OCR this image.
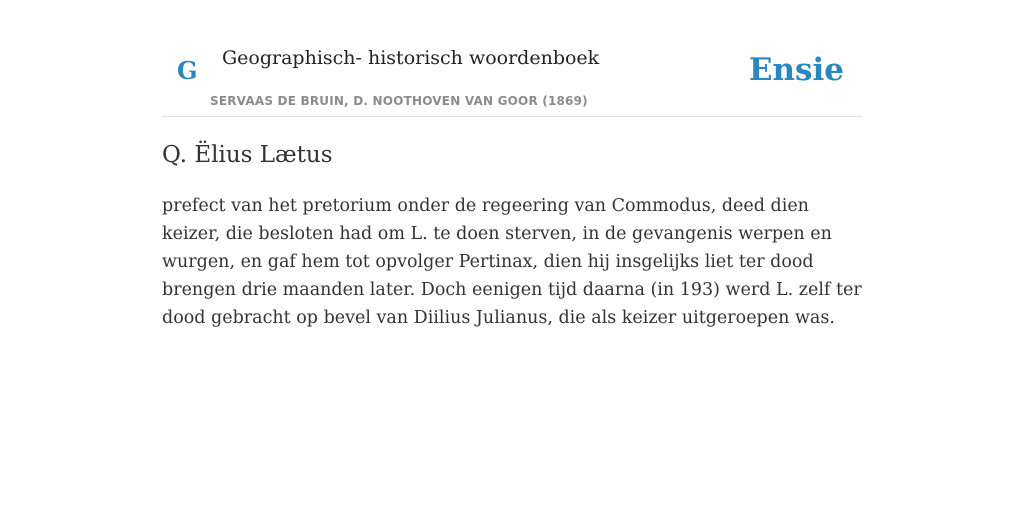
G Geographisch- historisch woordenboek
SERVAAS DE BRUIN, D. NOOTHOVEN VAN GOOR (1869)
Ensie
Q. Ëlius Lætus

prefect van het pretorium onder de regeering van Commodus, deed dien keizer, die besloten had om L. te doen sterven, in de gevangenis werpen en wurgen, en gaf hem tot opvolger Pertinax, dien hij insgelijks liet ter dood brengen drie maanden later. Doch eenigen tijd daarna (in 193) werd L. zelf ter dood gebracht op bevel van Diilius Julianus, die als keizer uitgeroepen was.
